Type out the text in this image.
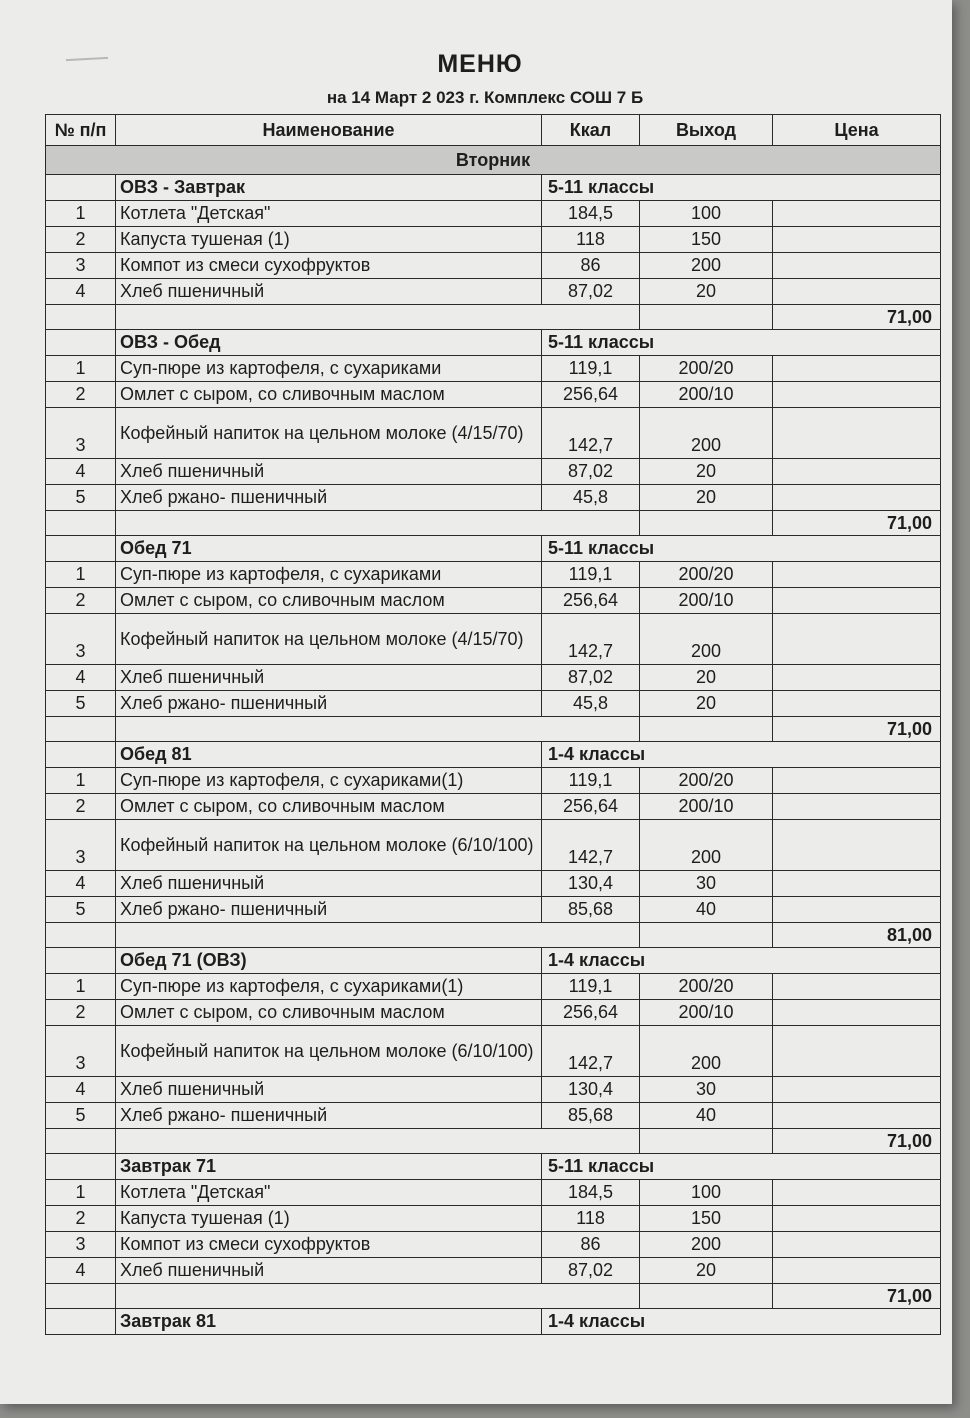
МЕНЮ
на 14 Март 2 023 г. Комплекс СОШ 7 Б
№ п/п	Наименование	Ккал	Выход	Цена
Вторник				
	ОВЗ - Завтрак	5-11 классы		
1	Котлета "Детская"	184,5	100	
2	Капуста тушеная (1)	118	150	
3	Компот из смеси сухофруктов	86	200	
4	Хлеб пшеничный	87,02	20	
				71,00
	ОВЗ - Обед	5-11 классы		
1	Суп-пюре из картофеля, с сухариками	119,1	200/20	
2	Омлет с сыром, со сливочным маслом	256,64	200/10	
3	Кофейный напиток на цельном молоке (4/15/70)	142,7	200	
4	Хлеб пшеничный	87,02	20	
5	Хлеб ржано- пшеничный	45,8	20	
				71,00
	Обед 71	5-11 классы		
1	Суп-пюре из картофеля, с сухариками	119,1	200/20	
2	Омлет с сыром, со сливочным маслом	256,64	200/10	
3	Кофейный напиток на цельном молоке (4/15/70)	142,7	200	
4	Хлеб пшеничный	87,02	20	
5	Хлеб ржано- пшеничный	45,8	20	
				71,00
	Обед 81	1-4 классы		
1	Суп-пюре из картофеля, с сухариками(1)	119,1	200/20	
2	Омлет с сыром, со сливочным маслом	256,64	200/10	
3	Кофейный напиток на цельном молоке (6/10/100)	142,7	200	
4	Хлеб пшеничный	130,4	30	
5	Хлеб ржано- пшеничный	85,68	40	
				81,00
	Обед 71 (ОВЗ)	1-4 классы		
1	Суп-пюре из картофеля, с сухариками(1)	119,1	200/20	
2	Омлет с сыром, со сливочным маслом	256,64	200/10	
3	Кофейный напиток на цельном молоке (6/10/100)	142,7	200	
4	Хлеб пшеничный	130,4	30	
5	Хлеб ржано- пшеничный	85,68	40	
				71,00
	Завтрак 71	5-11 классы		
1	Котлета "Детская"	184,5	100	
2	Капуста тушеная (1)	118	150	
3	Компот из смеси сухофруктов	86	200	
4	Хлеб пшеничный	87,02	20	
				71,00
	Завтрак 81	1-4 классы		
